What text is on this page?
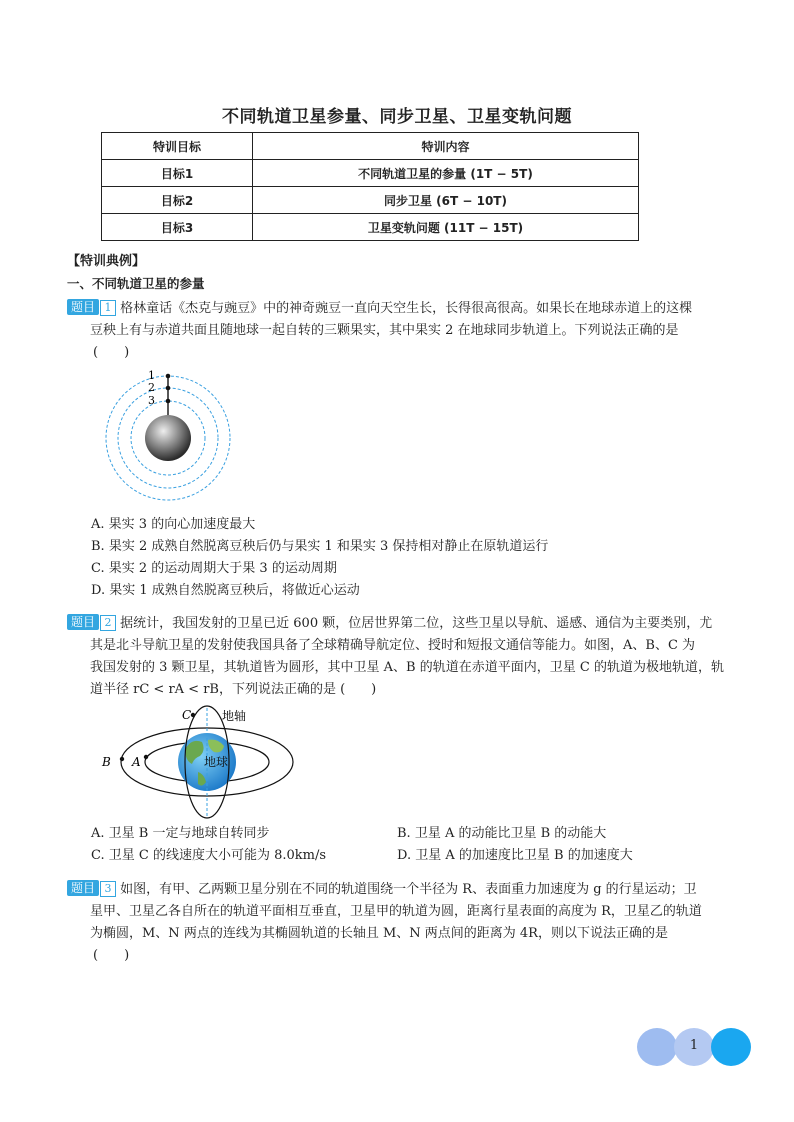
不同轨道卫星参量、同步卫星、卫星变轨问题
特训目标	特训内容
目标1	不同轨道卫星的参量 (1T − 5T)
目标2	同步卫星 (6T − 10T)
目标3	卫星变轨问题 (11T − 15T)
【特训典例】
一、不同轨道卫星的参量
题目 1 格林童话《杰克与豌豆》中的神奇豌豆一直向天空生长，长得很高很高。如果长在地球赤道上的这棵
豆秧上有与赤道共面且随地球一起自转的三颗果实，其中果实 2 在地球同步轨道上。下列说法正确的是
(　　)
1
2
3
A. 果实 3 的向心加速度最大
B. 果实 2 成熟自然脱离豆秧后仍与果实 1 和果实 3 保持相对静止在原轨道运行
C. 果实 2 的运动周期大于果 3 的运动周期
D. 果实 1 成熟自然脱离豆秧后，将做近心运动
题目 2 据统计，我国发射的卫星已近 600 颗，位居世界第二位，这些卫星以导航、遥感、通信为主要类别，尤
其是北斗导航卫星的发射使我国具备了全球精确导航定位、授时和短报文通信等能力。如图，A、B、C 为
我国发射的 3 颗卫星，其轨道皆为圆形，其中卫星 A、B 的轨道在赤道平面内，卫星 C 的轨道为极地轨道，轨
道半径 rC < rA < rB，下列说法正确的是 (　　)
C	地轴
A
B	地球
A. 卫星 B 一定与地球自转同步	B. 卫星 A 的动能比卫星 B 的动能大
C. 卫星 C 的线速度大小可能为 8.0km/s	D. 卫星 A 的加速度比卫星 B 的加速度大
题目 3 如图，有甲、乙两颗卫星分别在不同的轨道围绕一个半径为 R、表面重力加速度为 g 的行星运动；卫
星甲、卫星乙各自所在的轨道平面相互垂直，卫星甲的轨道为圆，距离行星表面的高度为 R，卫星乙的轨道
为椭圆，M、N 两点的连线为其椭圆轨道的长轴且 M、N 两点间的距离为 4R，则以下说法正确的是
(　　)
1
